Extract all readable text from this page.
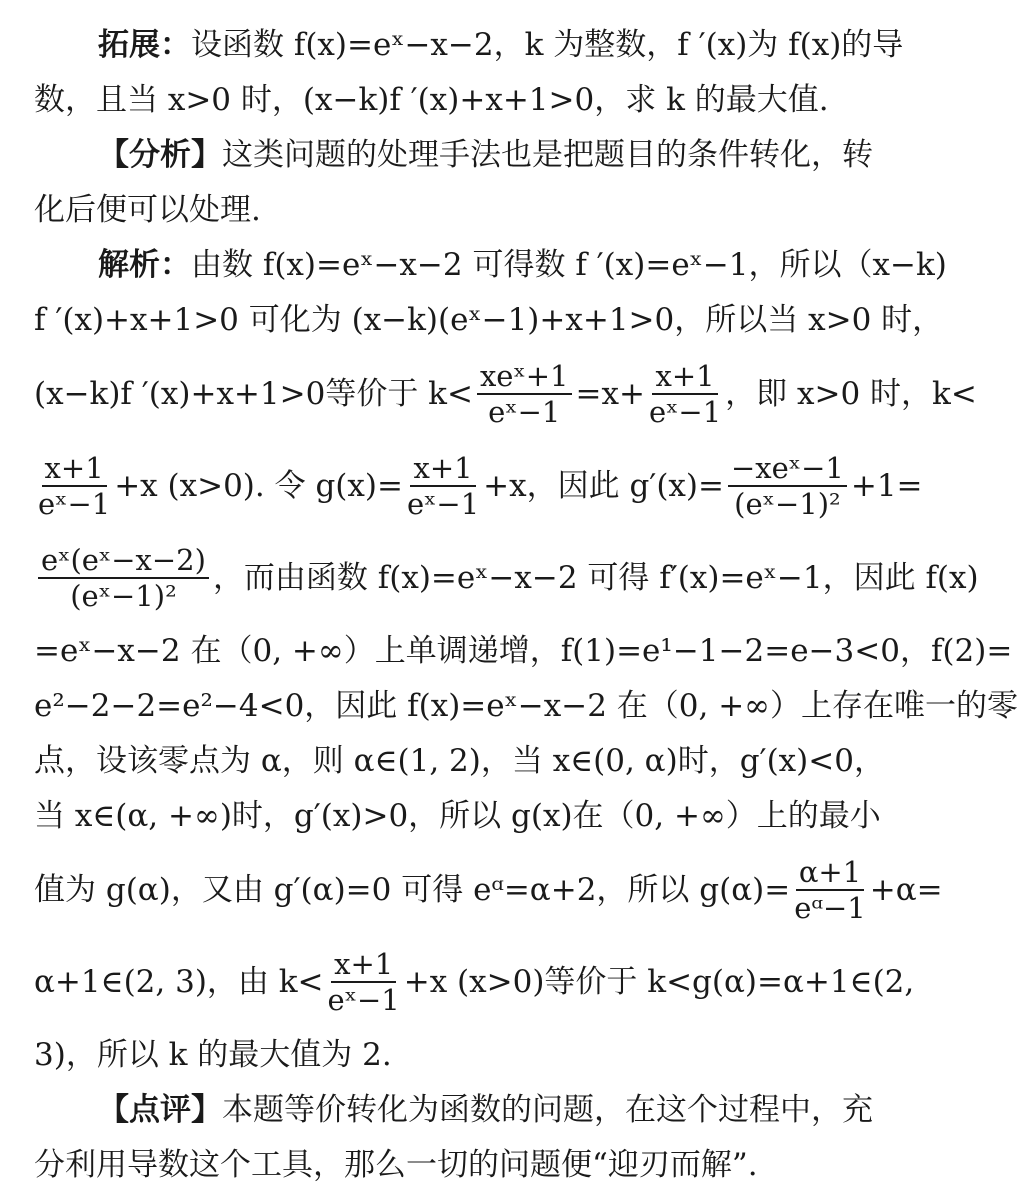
拓展：设函数 f(x)=eˣ−x−2，k 为整数，f ′(x)为 f(x)的导
数，且当 x>0 时，(x−k)f ′(x)+x+1>0，求 k 的最大值.
【分析】这类问题的处理手法也是把题目的条件转化，转
化后便可以处理.
解析：由数 f(x)=eˣ−x−2 可得数 f ′(x)=eˣ−1，所以（x−k)
f ′(x)+x+1>0 可化为 (x−k)(eˣ−1)+x+1>0，所以当 x>0 时，
(x−k)f ′(x)+x+1>0等价于 $k< \frac{\text{xeˣ+1}}{\text{eˣ−1}} =x+ \frac{x+1}{\text{eˣ−1}}$ ，即 x>0 时，k<
$\frac{x+1}{\text{eˣ−1}} +x$ (x>0). 令 $g(x)= \frac{x+1}{\text{eˣ−1}} +x$，因此 $g'(x)= \frac{\text{−xeˣ−1}}{\text{(eˣ−1)²}} +1=$
$\frac{\text{eˣ(eˣ−x−2)}}{\text{(eˣ−1)²}}$ ，而由函数 f(x)=eˣ−x−2 可得 f′(x)=eˣ−1，因此 f(x)
=eˣ−x−2 在（0, +∞）上单调递增，f(1)=e¹−1−2=e−3<0，f(2)=
e²−2−2=e²−4<0，因此 f(x)=eˣ−x−2 在（0, +∞）上存在唯一的零
点，设该零点为 α，则 α∈(1, 2)，当 x∈(0, α)时，g′(x)<0，
当 x∈(α, +∞)时，g′(x)>0，所以 g(x)在（0, +∞）上的最小
值为 g(α)，又由 g′(α)=0 可得 eᵅ=α+2，所以 $g(\alpha)= \frac{\alpha+1}{\text{eᵅ−1}} +\alpha=$
α+1∈(2, 3)，由 $k< \frac{x+1}{\text{eˣ−1}} +x$ (x>0)等价于 k<g(α)=α+1∈(2,
3)，所以 k 的最大值为 2.
【点评】本题等价转化为函数的问题，在这个过程中，充
分利用导数这个工具，那么一切的问题便“迎刃而解”.
